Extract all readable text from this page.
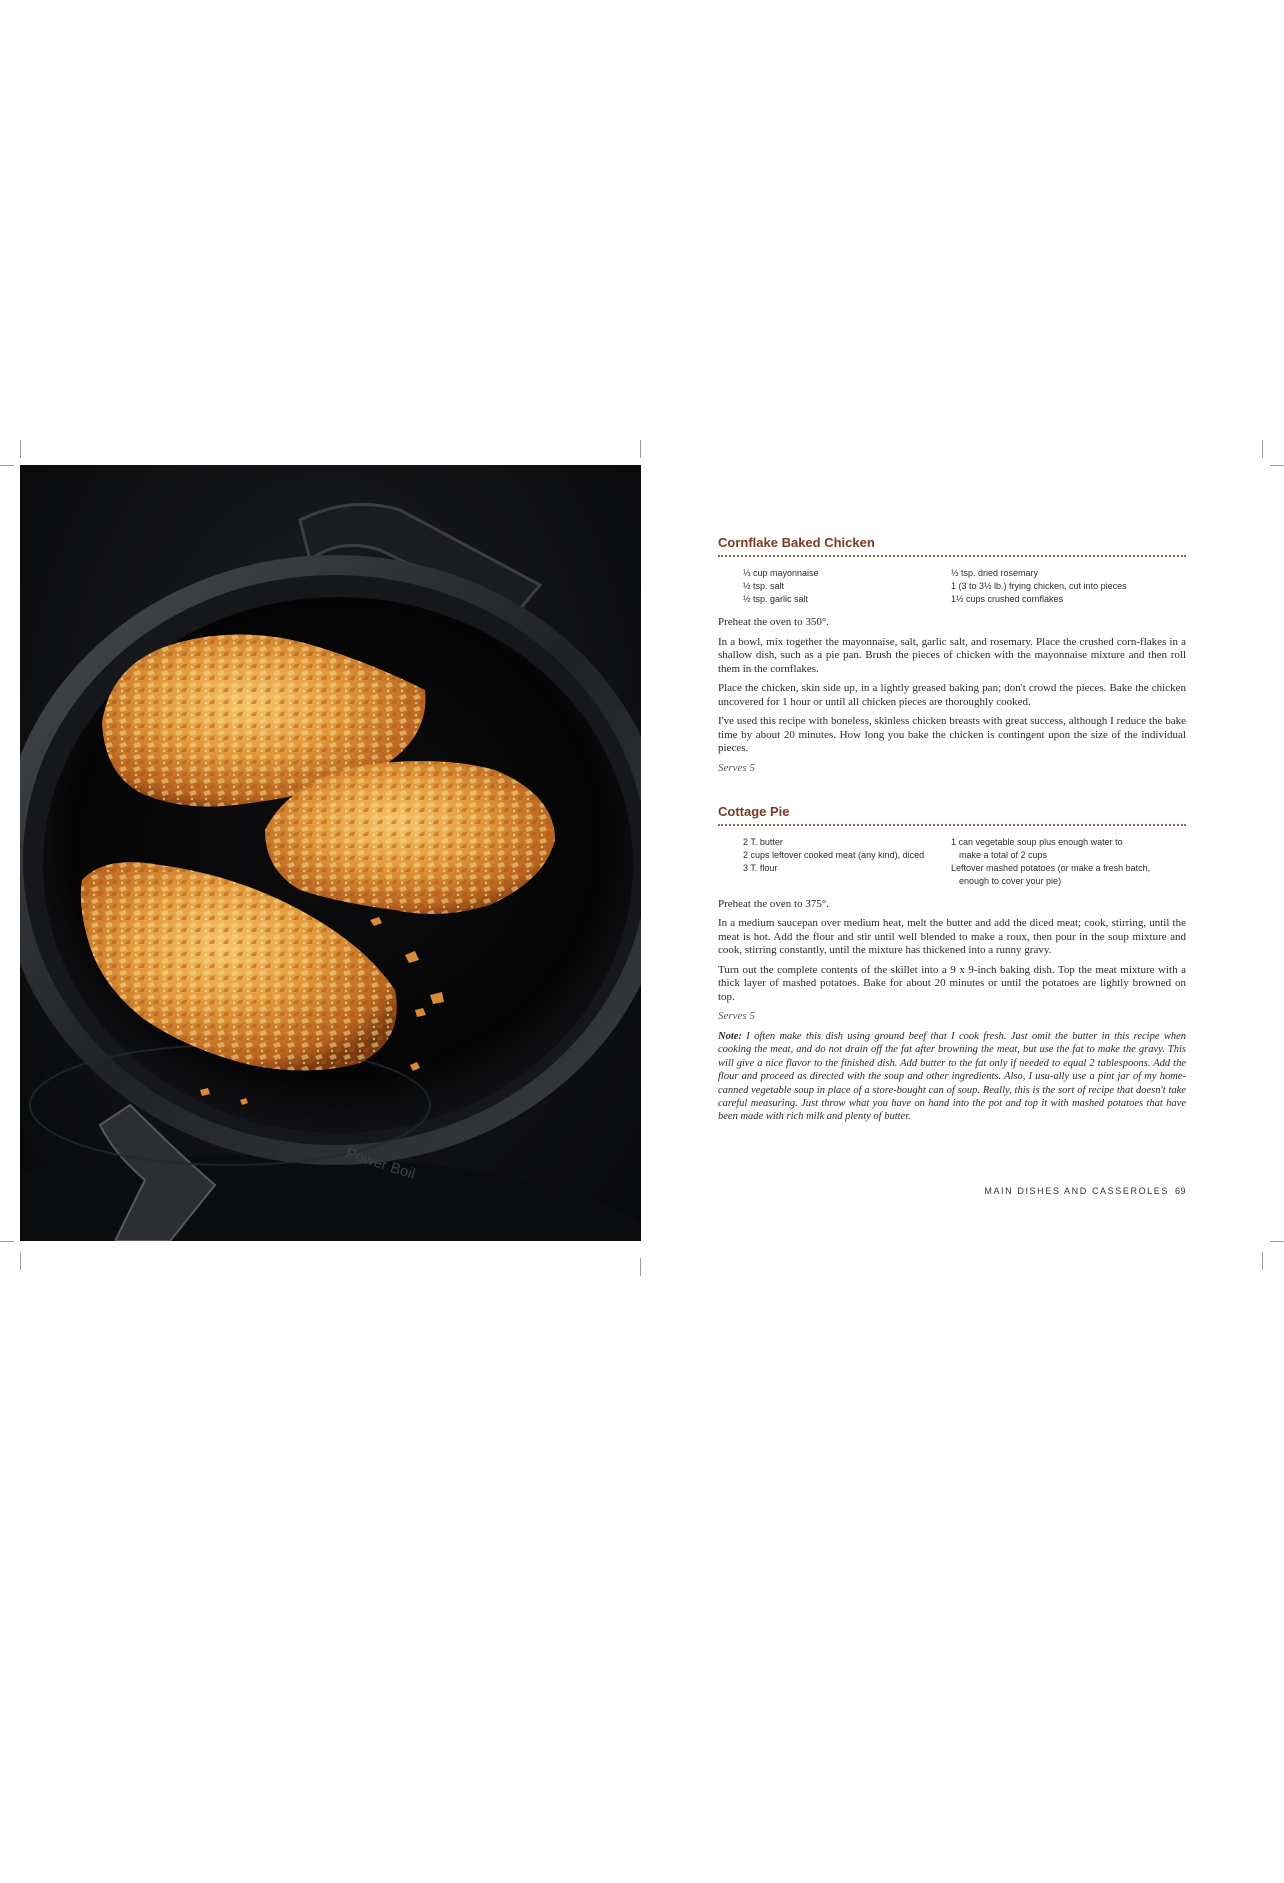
Power Boil
Cornflake Baked Chicken
⅓ cup mayonnaise
½ tsp. salt
½ tsp. garlic salt
½ tsp. dried rosemary
1 (3 to 3½ lb.) frying chicken, cut into pieces
1½ cups crushed cornflakes

Preheat the oven to 350°.

In a bowl, mix together the mayonnaise, salt, garlic salt, and rosemary. Place the crushed corn-flakes in a shallow dish, such as a pie pan. Brush the pieces of chicken with the mayonnaise mixture and then roll them in the cornflakes.

Place the chicken, skin side up, in a lightly greased baking pan; don't crowd the pieces. Bake the chicken uncovered for 1 hour or until all chicken pieces are thoroughly cooked.

I've used this recipe with boneless, skinless chicken breasts with great success, although I reduce the bake time by about 20 minutes. How long you bake the chicken is contingent upon the size of the individual pieces.

Serves 5

Cottage Pie
2 T. butter
2 cups leftover cooked meat (any kind), diced
3 T. flour
1 can vegetable soup plus enough water to
make a total of 2 cups
Leftover mashed potatoes (or make a fresh batch,
enough to cover your pie)

Preheat the oven to 375°.

In a medium saucepan over medium heat, melt the butter and add the diced meat; cook, stirring, until the meat is hot. Add the flour and stir until well blended to make a roux, then pour in the soup mixture and cook, stirring constantly, until the mixture has thickened into a runny gravy.

Turn out the complete contents of the skillet into a 9 x 9-inch baking dish. Top the meat mixture with a thick layer of mashed potatoes. Bake for about 20 minutes or until the potatoes are lightly browned on top.

Serves 5

Note: I often make this dish using ground beef that I cook fresh. Just omit the butter in this recipe when cooking the meat, and do not drain off the fat after browning the meat, but use the fat to make the gravy. This will give a nice flavor to the finished dish. Add butter to the fat only if needed to equal 2 tablespoons. Add the flour and proceed as directed with the soup and other ingredients. Also, I usu-ally use a pint jar of my home-canned vegetable soup in place of a store-bought can of soup. Really, this is the sort of recipe that doesn't take careful measuring. Just throw what you have on hand into the pot and top it with mashed potatoes that have been made with rich milk and plenty of butter.

MAIN DISHES AND CASSEROLES 69
